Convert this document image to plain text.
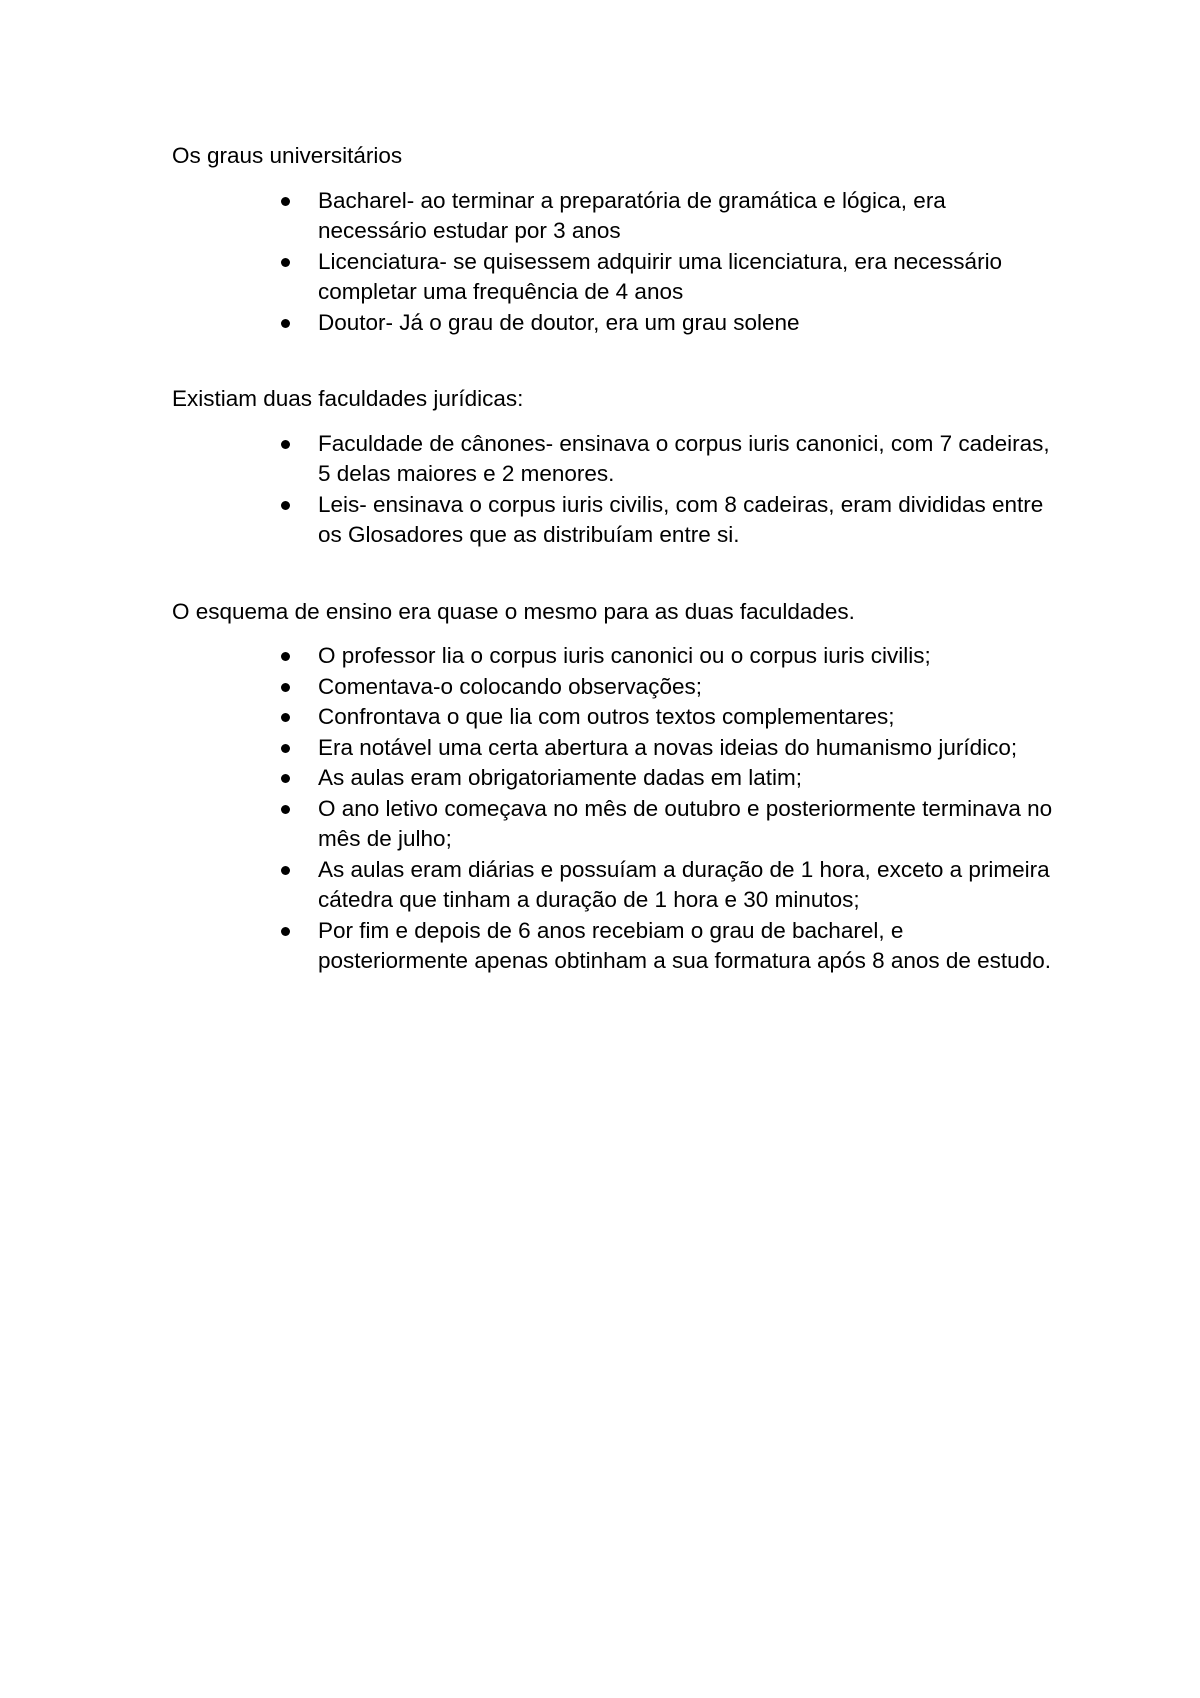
Os graus universitários

Bacharel- ao terminar a preparatória de gramática e lógica, era necessário estudar por 3 anos
Licenciatura- se quisessem adquirir uma licenciatura, era necessário completar uma frequência de 4 anos
Doutor- Já o grau de doutor, era um grau solene

Existiam duas faculdades jurídicas:

Faculdade de cânones- ensinava o corpus iuris canonici, com 7 cadeiras, 5 delas maiores e 2 menores.
Leis- ensinava o corpus iuris civilis, com 8 cadeiras, eram divididas entre os Glosadores que as distribuíam entre si.

O esquema de ensino era quase o mesmo para as duas faculdades.

O professor lia o corpus iuris canonici ou o corpus iuris civilis;
Comentava-o colocando observações;
Confrontava o que lia com outros textos complementares;
Era notável uma certa abertura a novas ideias do humanismo jurídico;
As aulas eram obrigatoriamente dadas em latim;
O ano letivo começava no mês de outubro e posteriormente terminava no mês de julho;
As aulas eram diárias e possuíam a duração de 1 hora, exceto a primeira cátedra que tinham a duração de 1 hora e 30 minutos;
Por fim e depois de 6 anos recebiam o grau de bacharel, e posteriormente apenas obtinham a sua formatura após 8 anos de estudo.
